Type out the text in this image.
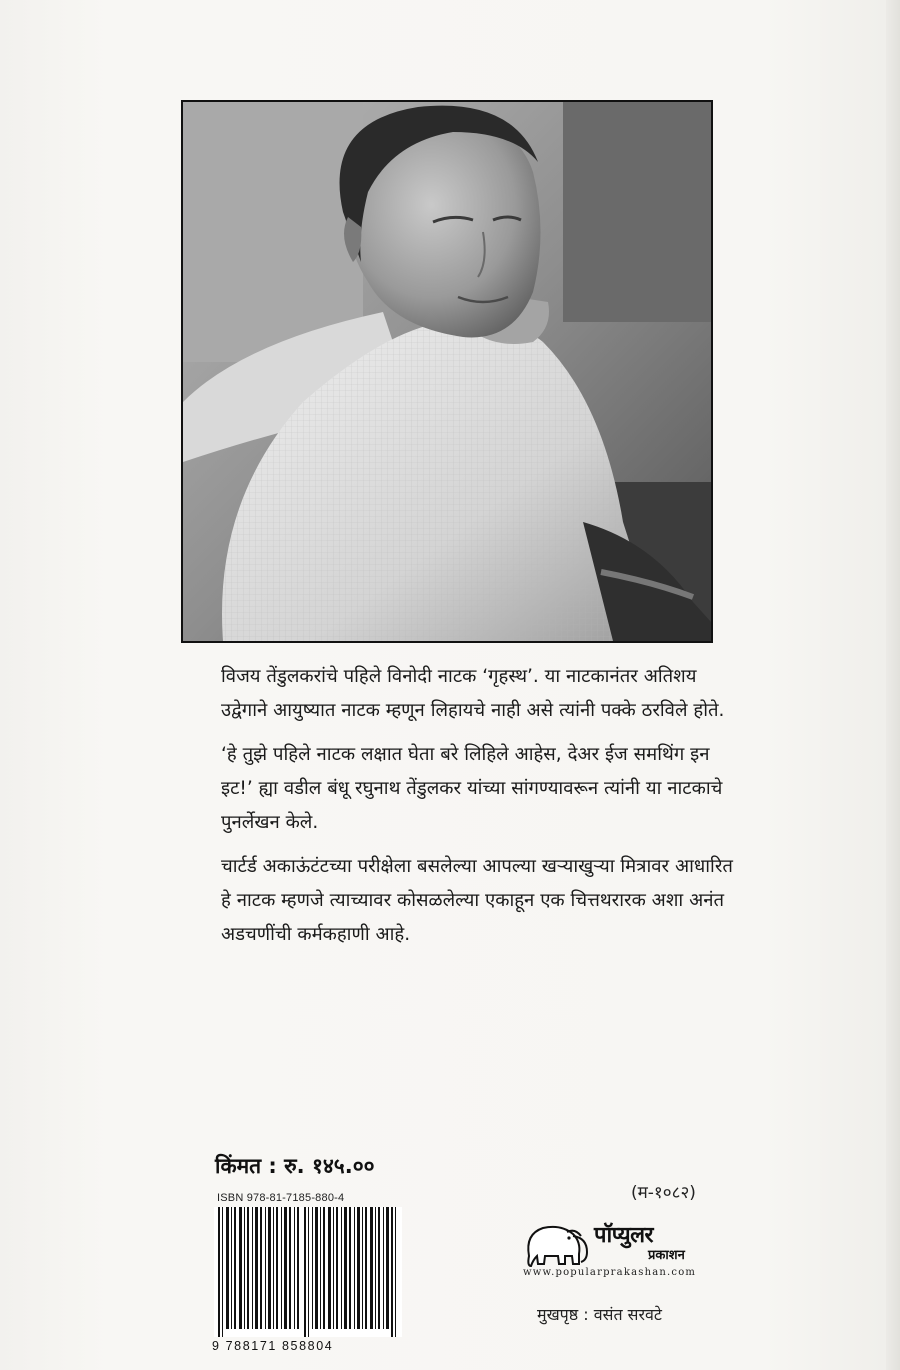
विजय तेंडुलकरांचे पहिले विनोदी नाटक ‘गृहस्थ’. या नाटकानंतर अतिशय उद्वेगाने आयुष्यात नाटक म्हणून लिहायचे नाही असे त्यांनी पक्के ठरविले होते.

‘हे तुझे पहिले नाटक लक्षात घेता बरे लिहिले आहेस, देअर ईज समथिंग इन इट!’ ह्या वडील बंधू रघुनाथ तेंडुलकर यांच्या सांगण्यावरून त्यांनी या नाटकाचे पुनर्लेखन केले.

चार्टर्ड अकाऊंटंटच्या परीक्षेला बसलेल्या आपल्या खऱ्याखुऱ्या मित्रावर आधारित हे नाटक म्हणजे त्याच्यावर कोसळलेल्या एकाहून एक चित्तथरारक अशा अनंत अडचणींची कर्मकहाणी आहे.

किंमत : रु. १४५.००
ISBN 978-81-7185-880-4
9 788171 858804
(म-१०८२)
पॉप्युलर
प्रकाशन
www.popularprakashan.com
मुखपृष्ठ : वसंत सरवटे
